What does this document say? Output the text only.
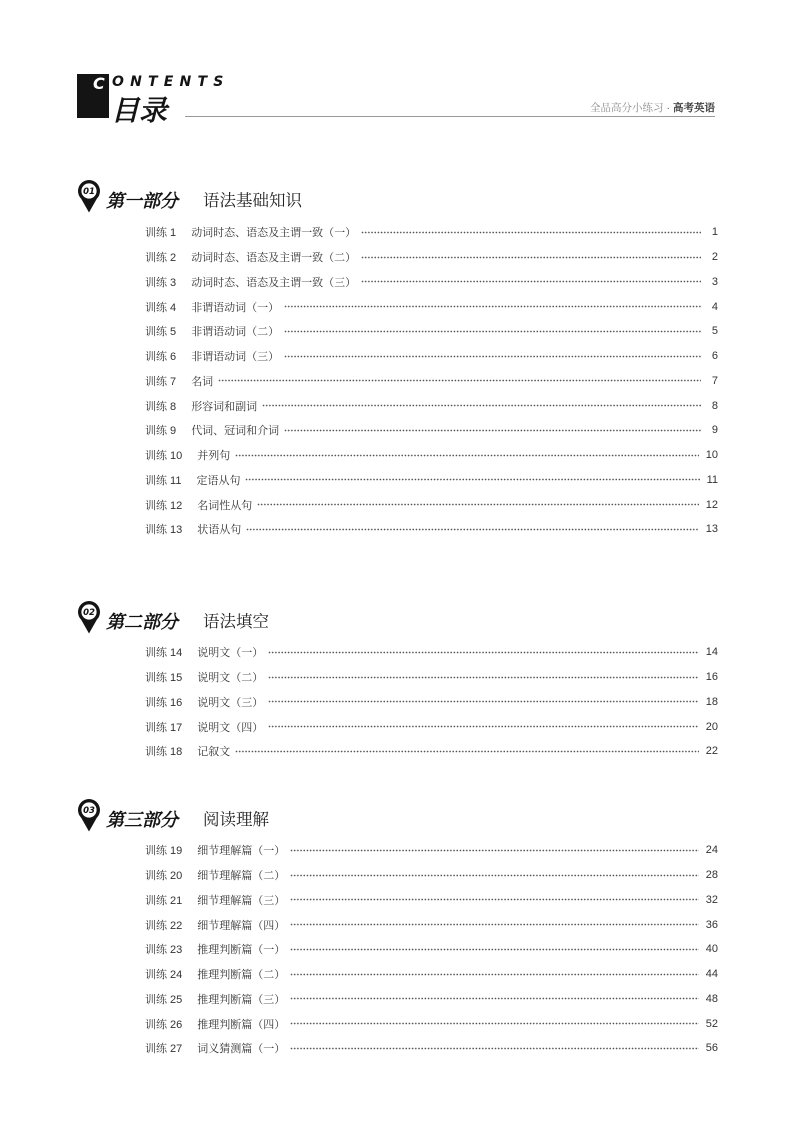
C ONTENTS
目录	全品高分小练习 · 高考英语
01 第一部分 语法基础知识
训练 1 动词时态、语态及主谓一致（一）	1
训练 2 动词时态、语态及主谓一致（二）	2
训练 3 动词时态、语态及主谓一致（三）	3
训练 4 非谓语动词（一）	4
训练 5 非谓语动词（二）	5
训练 6 非谓语动词（三）	6
训练 7 名词	7
训练 8 形容词和副词	8
训练 9 代词、冠词和介词	9
训练 10 并列句	10
训练 11 定语从句	11
训练 12 名词性从句	12
训练 13 状语从句	13
02 第二部分 语法填空
训练 14 说明文（一）	14
训练 15 说明文（二）	16
训练 16 说明文（三）	18
训练 17 说明文（四）	20
训练 18 记叙文	22
03 第三部分 阅读理解
训练 19 细节理解篇（一）	24
训练 20 细节理解篇（二）	28
训练 21 细节理解篇（三）	32
训练 22 细节理解篇（四）	36
训练 23 推理判断篇（一）	40
训练 24 推理判断篇（二）	44
训练 25 推理判断篇（三）	48
训练 26 推理判断篇（四）	52
训练 27 词义猜测篇（一）	56
